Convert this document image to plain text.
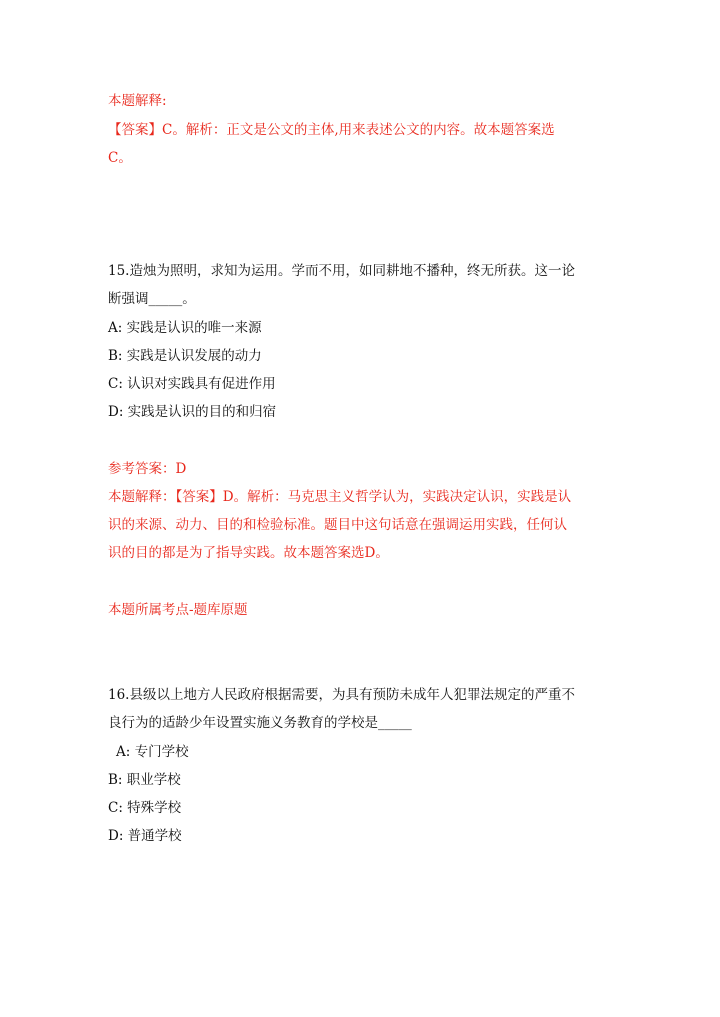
本题解释:
【答案】C。解析：正文是公文的主体,用来表述公文的内容。故本题答案选
C。
15.造烛为照明，求知为运用。学而不用，如同耕地不播种，终无所获。这一论
断强调_____。
A: 实践是认识的唯一来源
B: 实践是认识发展的动力
C: 认识对实践具有促进作用
D: 实践是认识的目的和归宿
参考答案：D
本题解释：【答案】D。解析：马克思主义哲学认为，实践决定认识，实践是认
识的来源、动力、目的和检验标准。题目中这句话意在强调运用实践，任何认
识的目的都是为了指导实践。故本题答案选D。
本题所属考点-题库原题
16.县级以上地方人民政府根据需要，为具有预防未成年人犯罪法规定的严重不
良行为的适龄少年设置实施义务教育的学校是_____
A: 专门学校
B: 职业学校
C: 特殊学校
D: 普通学校
